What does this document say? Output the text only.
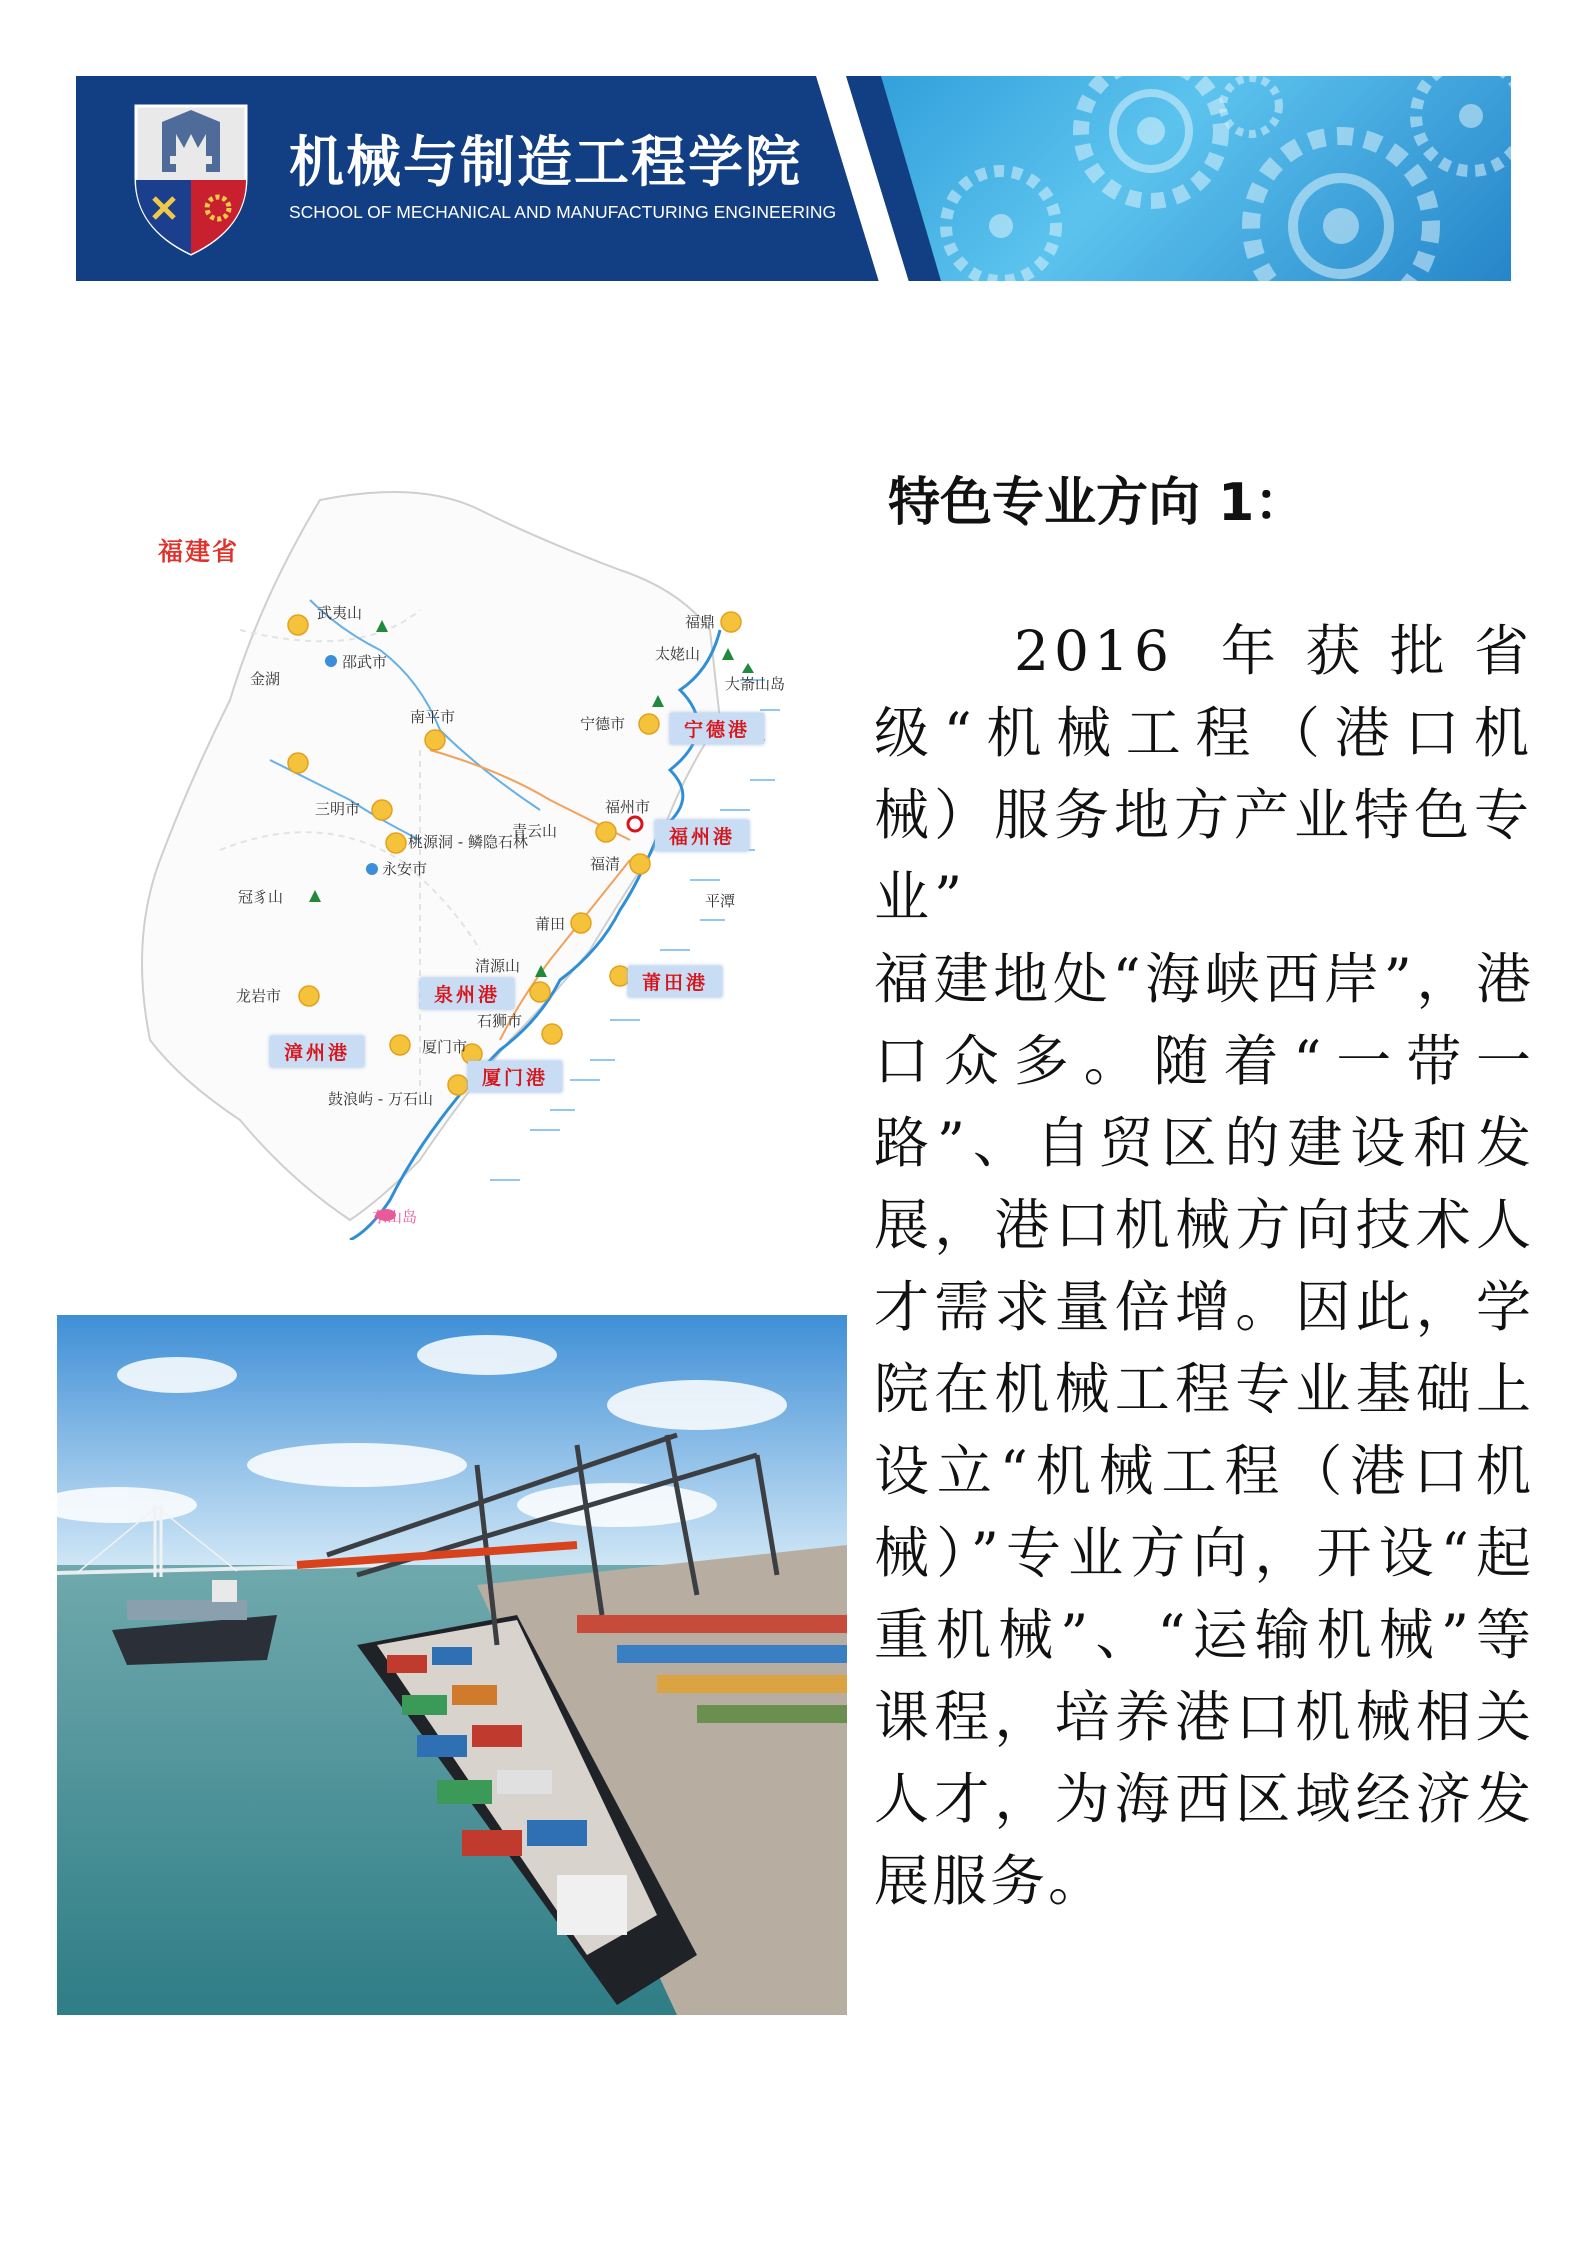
机械与制造工程学院
SCHOOL OF MECHANICAL AND MANUFACTURING ENGINEERING
福建省
武夷山
邵武市
金湖
南平市
三明市
桃源洞 - 鳞隐石林
永安市
冠豸山
龙岩市
福鼎
太姥山
大嵛山岛
宁德市
福州市
青云山
福清
平潭
莆田
清源山
石狮市
厦门市
鼓浪屿 - 万石山
东山岛
宁德港
福州港
泉州港
莆田港
漳州港
厦门港
特色专业方向 1：

2016 年获批省级“机械工程（港口机械）服务地方产业特色专业”

福建地处“海峡西岸”，港口众多。随着“一带一路”、自贸区的建设和发展，港口机械方向技术人才需求量倍增。因此，学院在机械工程专业基础上设立“机械工程（港口机械）”专业方向，开设“起重机械”、“运输机械”等课程，培养港口机械相关人才，为海西区域经济发展服务。
